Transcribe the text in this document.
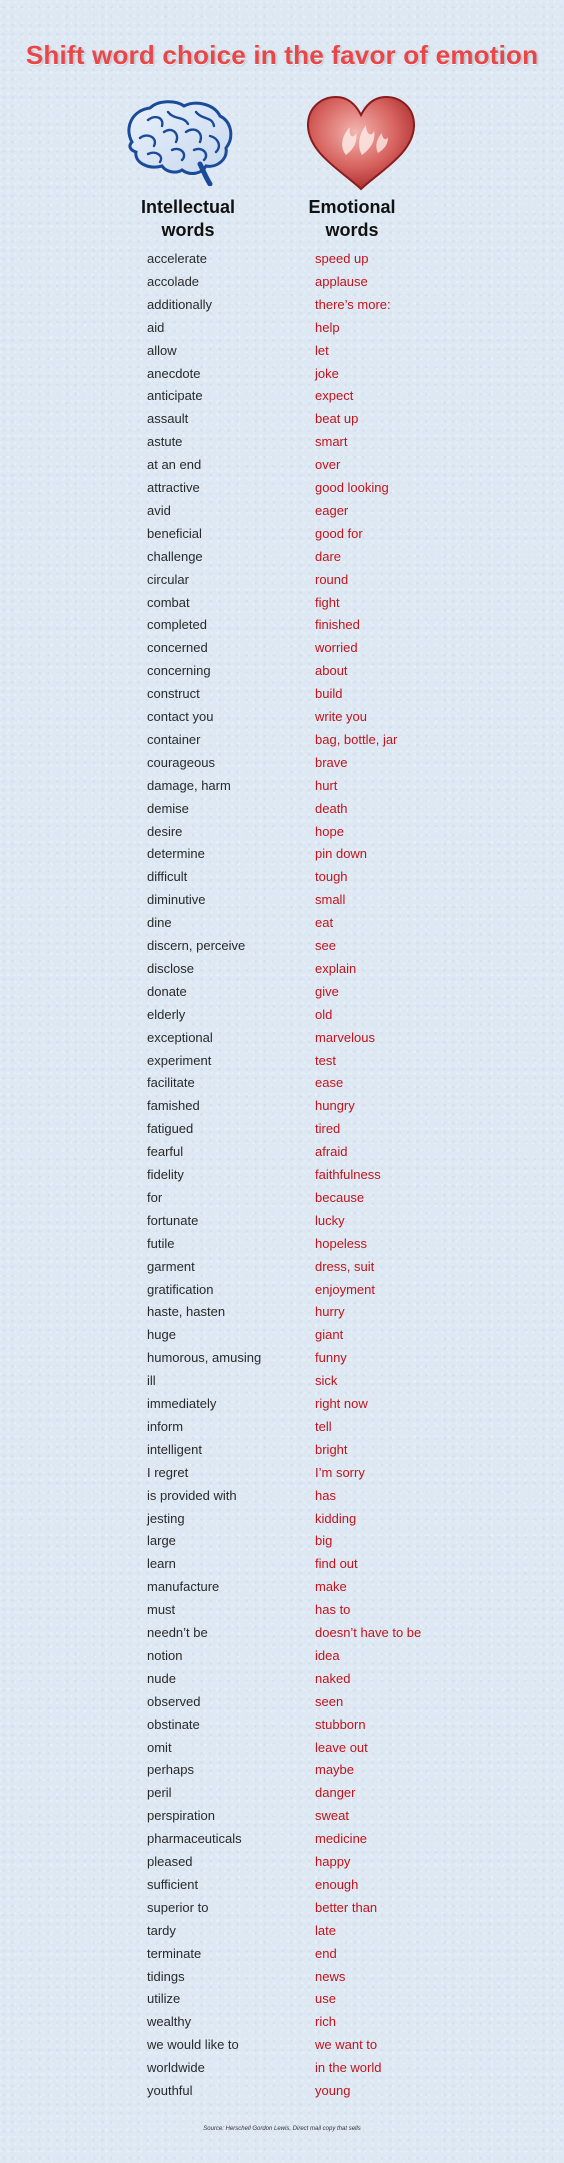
Shift word choice in the favor of emotion
Intellectual
words
Emotional
words
accelerate	speed up
accolade	applause
additionally	there’s more:
aid	help
allow	let
anecdote	joke
anticipate	expect
assault	beat up
astute	smart
at an end	over
attractive	good looking
avid	eager
beneficial	good for
challenge	dare
circular	round
combat	fight
completed	finished
concerned	worried
concerning	about
construct	build
contact you	write you
container	bag, bottle, jar
courageous	brave
damage, harm	hurt
demise	death
desire	hope
determine	pin down
difficult	tough
diminutive	small
dine	eat
discern, perceive	see
disclose	explain
donate	give
elderly	old
exceptional	marvelous
experiment	test
facilitate	ease
famished	hungry
fatigued	tired
fearful	afraid
fidelity	faithfulness
for	because
fortunate	lucky
futile	hopeless
garment	dress, suit
gratification	enjoyment
haste, hasten	hurry
huge	giant
humorous, amusing	funny
ill	sick
immediately	right now
inform	tell
intelligent	bright
I regret	I’m sorry
is provided with	has
jesting	kidding
large	big
learn	find out
manufacture	make
must	has to
needn’t be	doesn’t have to be
notion	idea
nude	naked
observed	seen
obstinate	stubborn
omit	leave out
perhaps	maybe
peril	danger
perspiration	sweat
pharmaceuticals	medicine
pleased	happy
sufficient	enough
superior to	better than
tardy	late
terminate	end
tidings	news
utilize	use
wealthy	rich
we would like to	we want to
worldwide	in the world
youthful	young
Source: Herschell Gordon Lewis, Direct mail copy that sells
